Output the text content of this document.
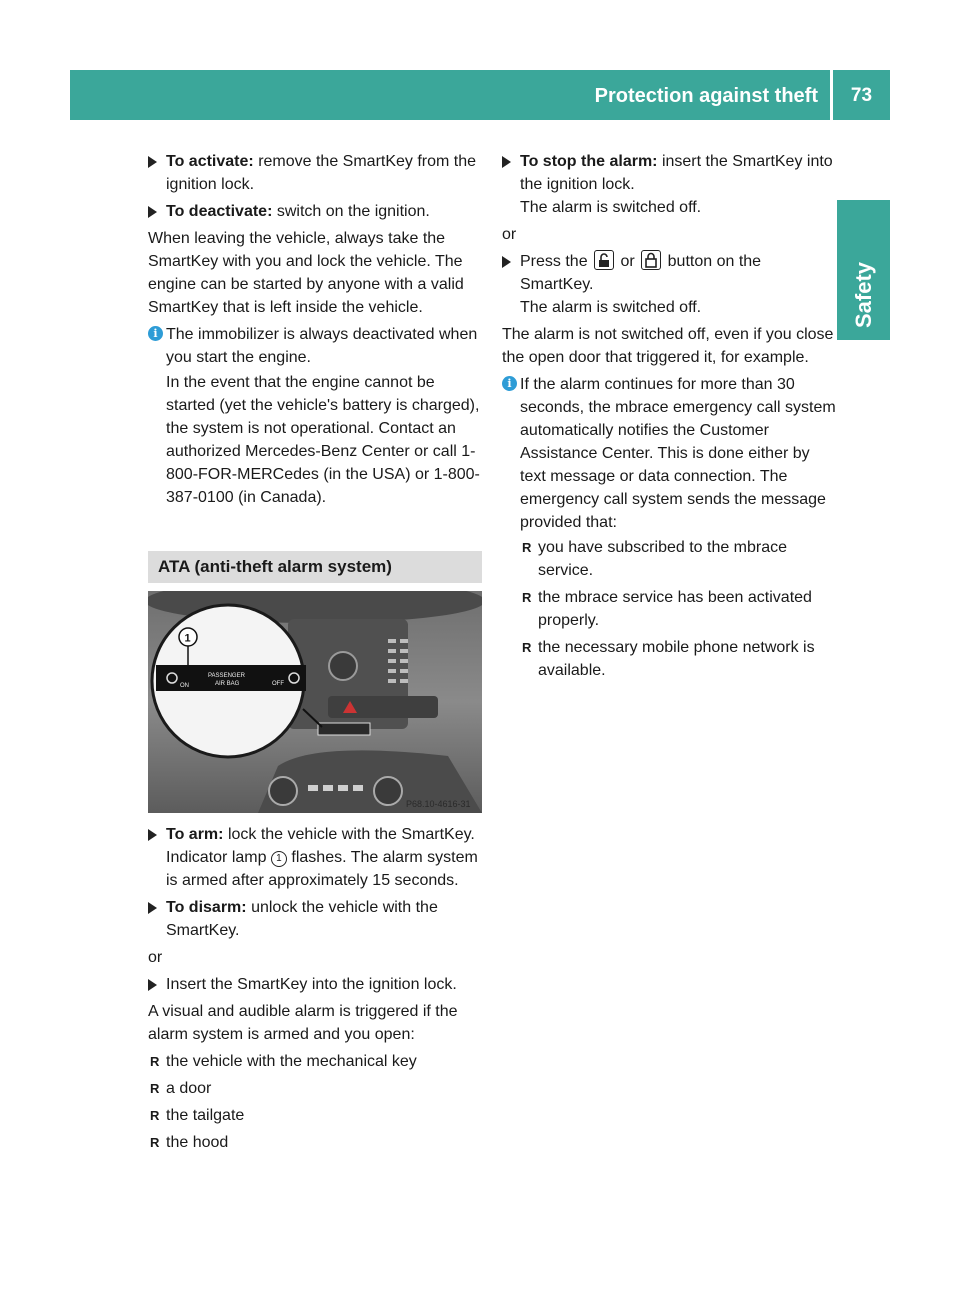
Protection against theft	73
Safety
To activate: remove the SmartKey from the ignition lock.
To deactivate: switch on the ignition.

When leaving the vehicle, always take the SmartKey with you and lock the vehicle. The engine can be started by anyone with a valid SmartKey that is left inside the vehicle.

i The immobilizer is always deactivated when you start the engine.

In the event that the engine cannot be started (yet the vehicle's battery is charged), the system is not operational. Contact an authorized Mercedes-Benz Center or call 1-800-FOR-MERCedes (in the USA) or 1-800-387-0100 (in Canada).

ATA (anti-theft alarm system)
ON
PASSENGER
AIR BAG	OFF
1
P68.10-4616-31
To arm: lock the vehicle with the SmartKey.
Indicator lamp 1 flashes. The alarm system is armed after approximately 15 seconds.
To disarm: unlock the vehicle with the SmartKey.

or

Insert the SmartKey into the ignition lock.

A visual and audible alarm is triggered if the alarm system is armed and you open:

R the vehicle with the mechanical key
R a door
R the tailgate
R the hood
To stop the alarm: insert the SmartKey into the ignition lock.
The alarm is switched off.

or

Press the or button on the SmartKey.
The alarm is switched off.

The alarm is not switched off, even if you close the open door that triggered it, for example.

i If the alarm continues for more than 30 seconds, the mbrace emergency call system automatically notifies the Customer Assistance Center. This is done either by text message or data connection. The emergency call system sends the message provided that:

R you have subscribed to the mbrace service.
R the mbrace service has been activated properly.
R the necessary mobile phone network is available.
